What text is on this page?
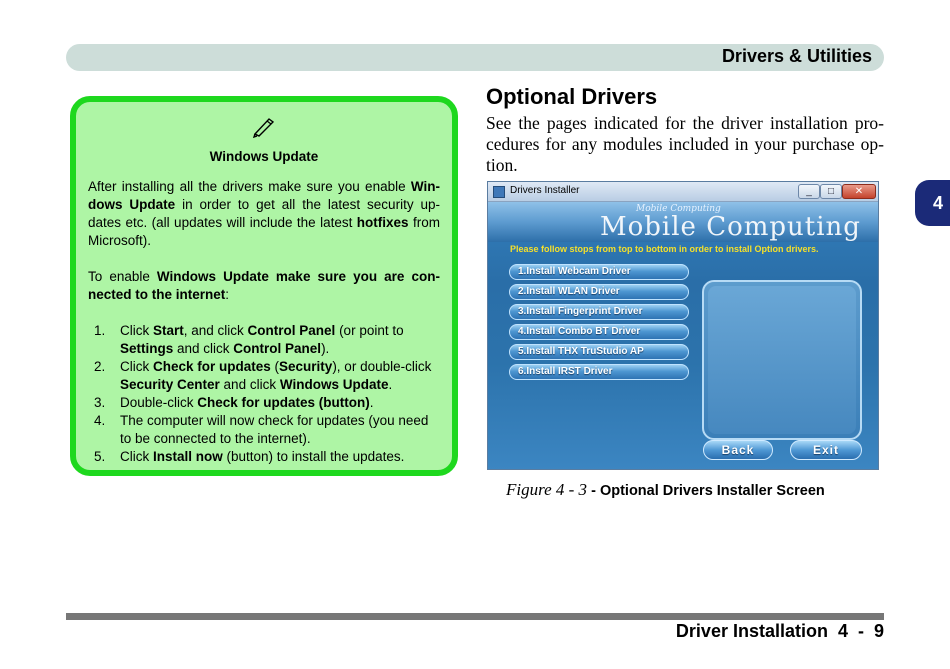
Drivers & Utilities
4
Windows Update

After installing all the drivers make sure you enable Win-dows Update in order to get all the latest security up-dates etc. (all updates will include the latest hotfixes from Microsoft).

To enable Windows Update make sure you are con-nected to the internet:

1. Click Start, and click Control Panel (or point to Settings and click Control Panel).
2. Click Check for updates (Security), or double-click Security Center and click Windows Update.
3. Double-click Check for updates (button).
4. The computer will now check for updates (you need to be connected to the internet).
5. Click Install now (button) to install the updates.
Optional Drivers
See the pages indicated for the driver installation pro-cedures for any modules included in your purchase op-tion.
Drivers Installer	_	□	✕
Mobile Computing
Mobile Computing
Please follow stops from top to bottom in order to install Option drivers.
1.Install Webcam Driver
2.Install WLAN Driver
3.Install Fingerprint Driver
4.Install Combo BT Driver
5.Install THX TruStudio AP
6.Install IRST Driver
Back	Exit
Figure 4 - 3 - Optional Drivers Installer Screen
Driver Installation  4  -  9
